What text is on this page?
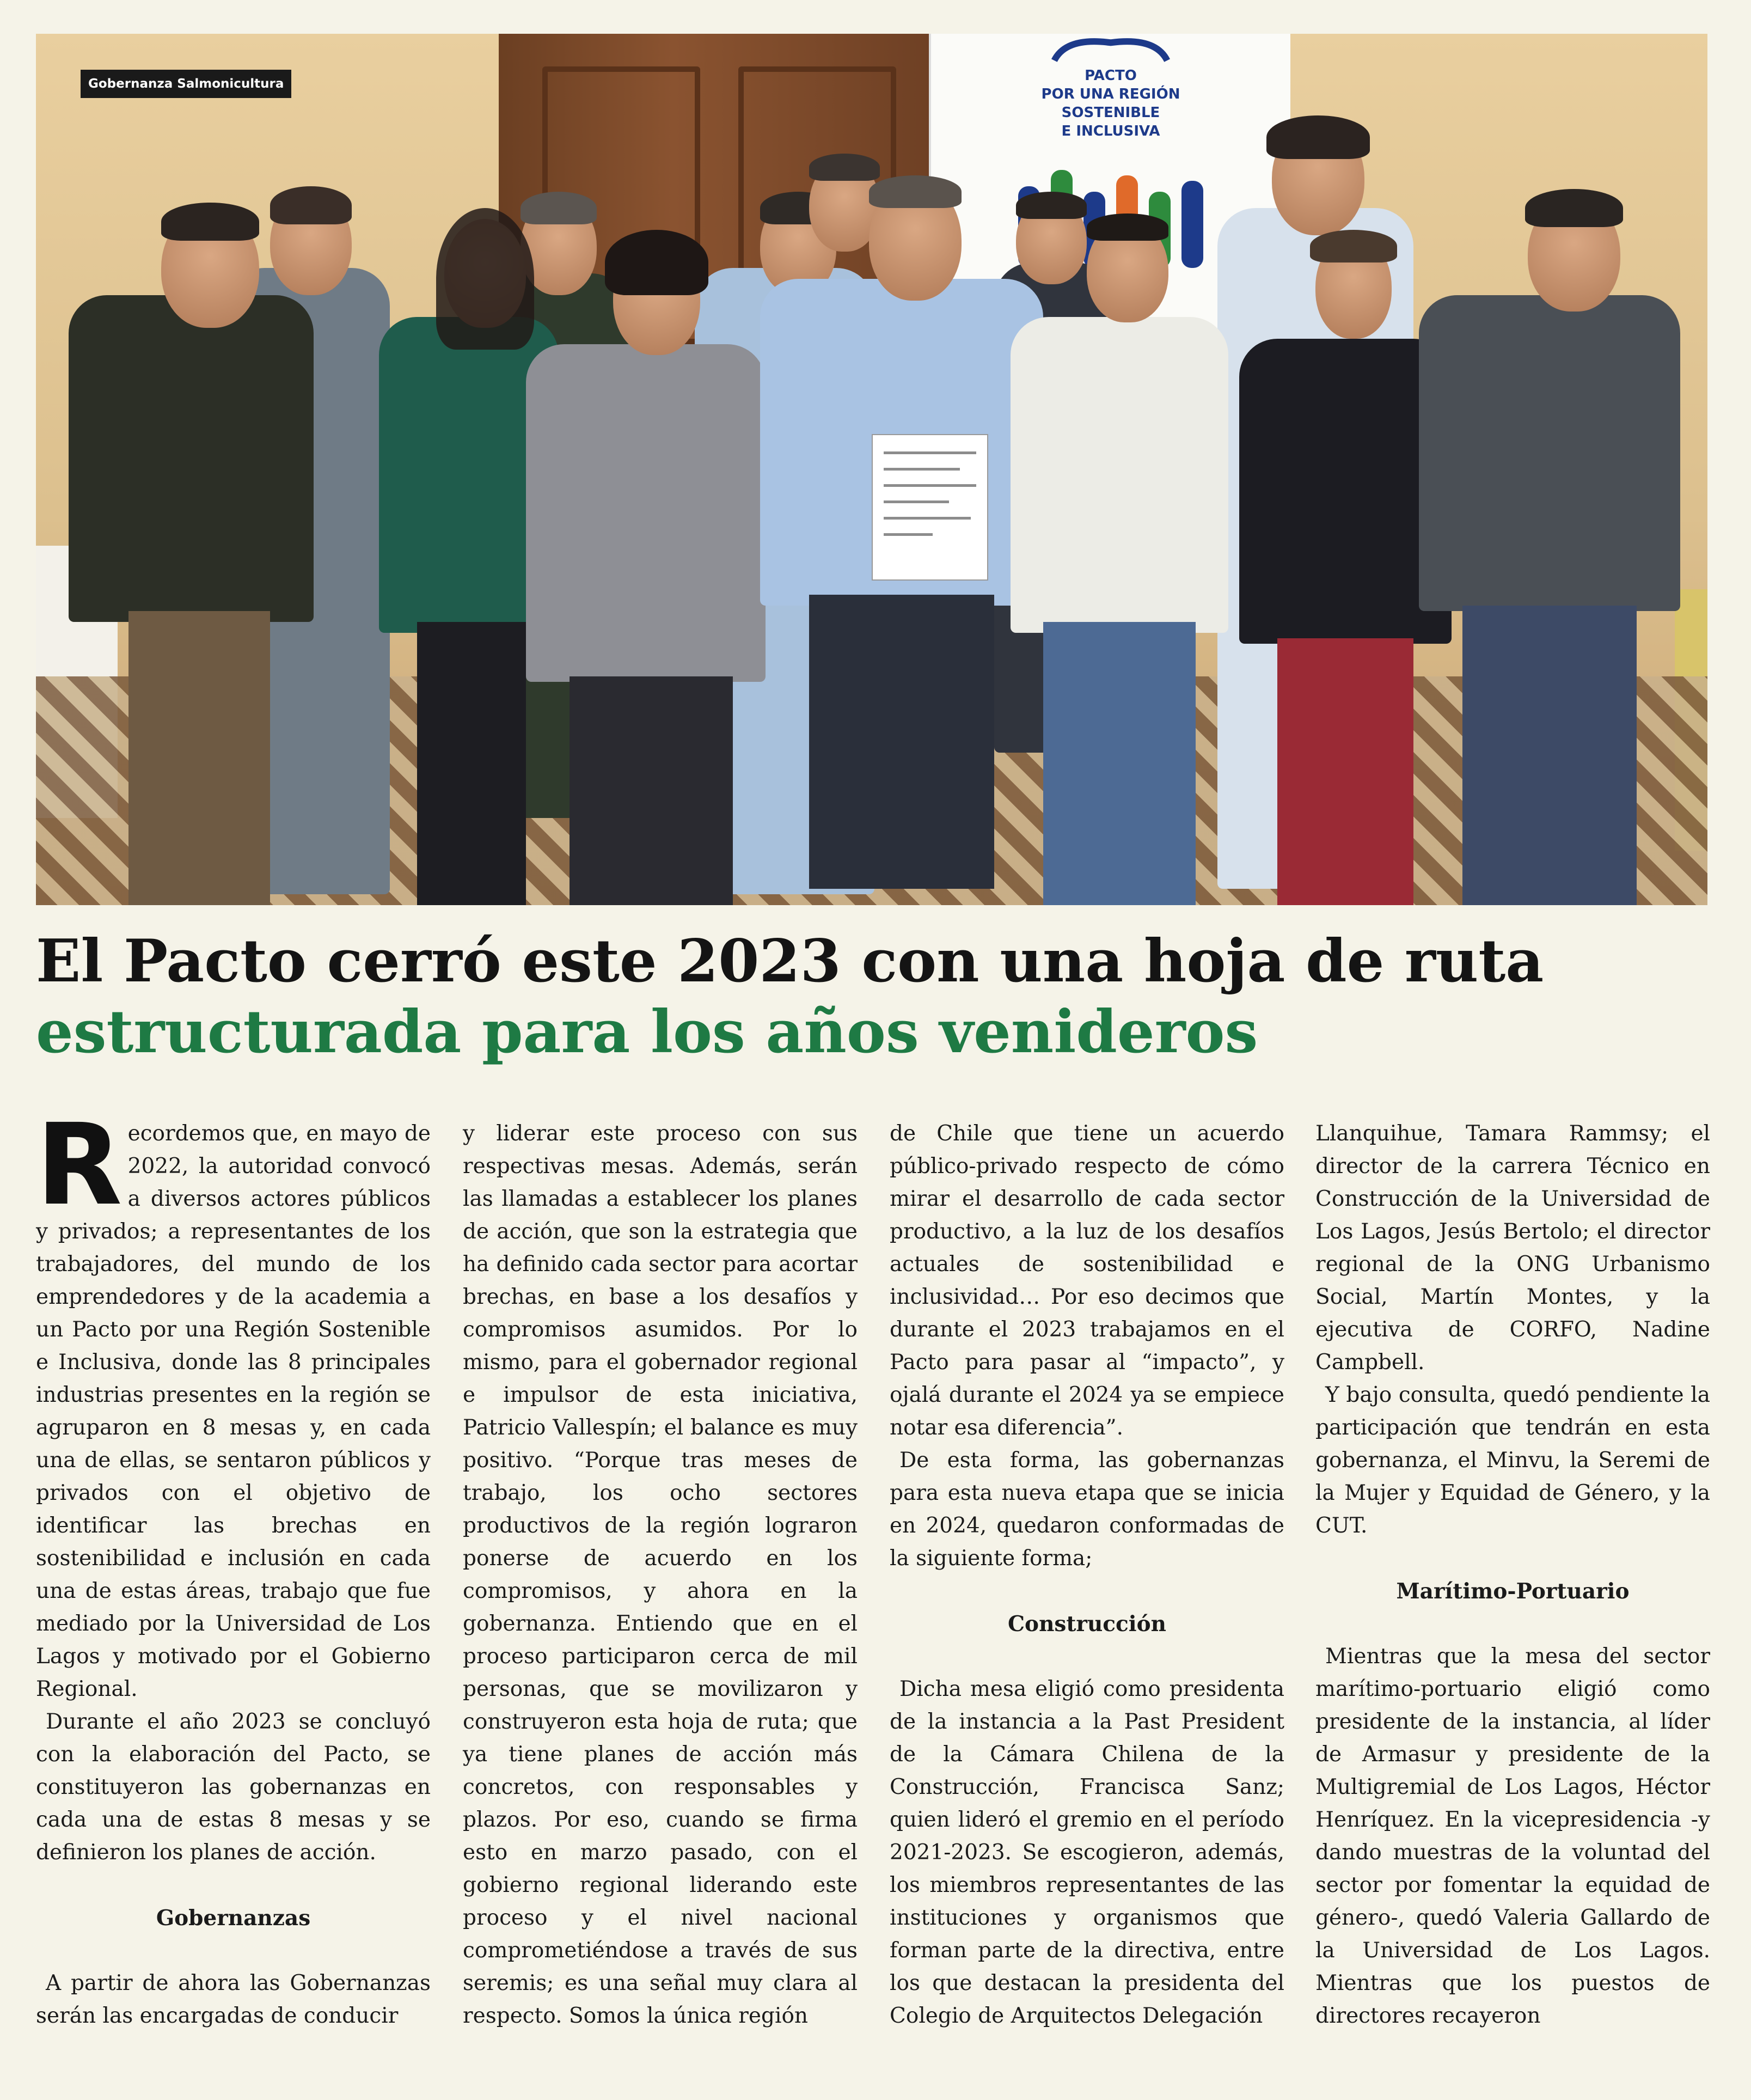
PACTO
POR UNA REGIÓN
SOSTENIBLE
E INCLUSIVA
Gobernanza Salmonicultura
El Pacto cerró este 2023 con una hoja de ruta
estructurada para los años venideros
R ecordemos que, en mayo de 2022, la autoridad convocó a diversos actores públicos y privados; a representantes de los trabajadores, del mundo de los emprendedores y de la academia a un Pacto por una Región Sostenible e Inclusiva, donde las 8 principales industrias presentes en la región se agruparon en 8 mesas y, en cada una de ellas, se sentaron públicos y privados con el objetivo de identificar las brechas en sostenibilidad e inclusión en cada una de estas áreas, trabajo que fue mediado por la Universidad de Los Lagos y motivado por el Gobierno Regional.

Durante el año 2023 se concluyó con la elaboración del Pacto, se constituyeron las gobernanzas en cada una de estas 8 mesas y se definieron los planes de acción.

Gobernanzas

A partir de ahora las Gobernanzas serán las encargadas de conducir

y liderar este proceso con sus respectivas mesas. Además, serán las llamadas a establecer los planes de acción, que son la estrategia que ha definido cada sector para acortar brechas, en base a los desafíos y compromisos asumidos. Por lo mismo, para el gobernador regional e impulsor de esta iniciativa, Patricio Vallespín; el balance es muy positivo. “Porque tras meses de trabajo, los ocho sectores productivos de la región lograron ponerse de acuerdo en los compromisos, y ahora en la gobernanza. Entiendo que en el proceso participaron cerca de mil personas, que se movilizaron y construyeron esta hoja de ruta; que ya tiene planes de acción más concretos, con responsables y plazos. Por eso, cuando se firma esto en marzo pasado, con el gobierno regional liderando este proceso y el nivel nacional comprometiéndose a través de sus seremis; es una señal muy clara al respecto. Somos la única región

de Chile que tiene un acuerdo público-privado respecto de cómo mirar el desarrollo de cada sector productivo, a la luz de los desafíos actuales de sostenibilidad e inclusividad… Por eso decimos que durante el 2023 trabajamos en el Pacto para pasar al “impacto”, y ojalá durante el 2024 ya se empiece notar esa diferencia”.

De esta forma, las gobernanzas para esta nueva etapa que se inicia en 2024, quedaron conformadas de la siguiente forma;

Construcción

Dicha mesa eligió como presidenta de la instancia a la Past President de la Cámara Chilena de la Construcción, Francisca Sanz; quien lideró el gremio en el período 2021-2023. Se escogieron, además, los miembros representantes de las instituciones y organismos que forman parte de la directiva, entre los que destacan la presidenta del Colegio de Arquitectos Delegación

Llanquihue, Tamara Rammsy; el director de la carrera Técnico en Construcción de la Universidad de Los Lagos, Jesús Bertolo; el director regional de la ONG Urbanismo Social, Martín Montes, y la ejecutiva de CORFO, Nadine Campbell.

Y bajo consulta, quedó pendiente la participación que tendrán en esta gobernanza, el Minvu, la Seremi de la Mujer y Equidad de Género, y la CUT.

Marítimo-Portuario

Mientras que la mesa del sector marítimo-portuario eligió como presidente de la instancia, al líder de Armasur y presidente de la Multigremial de Los Lagos, Héctor Henríquez. En la vicepresidencia -y dando muestras de la voluntad del sector por fomentar la equidad de género-, quedó Valeria Gallardo de la Universidad de Los Lagos. Mientras que los puestos de directores recayeron
